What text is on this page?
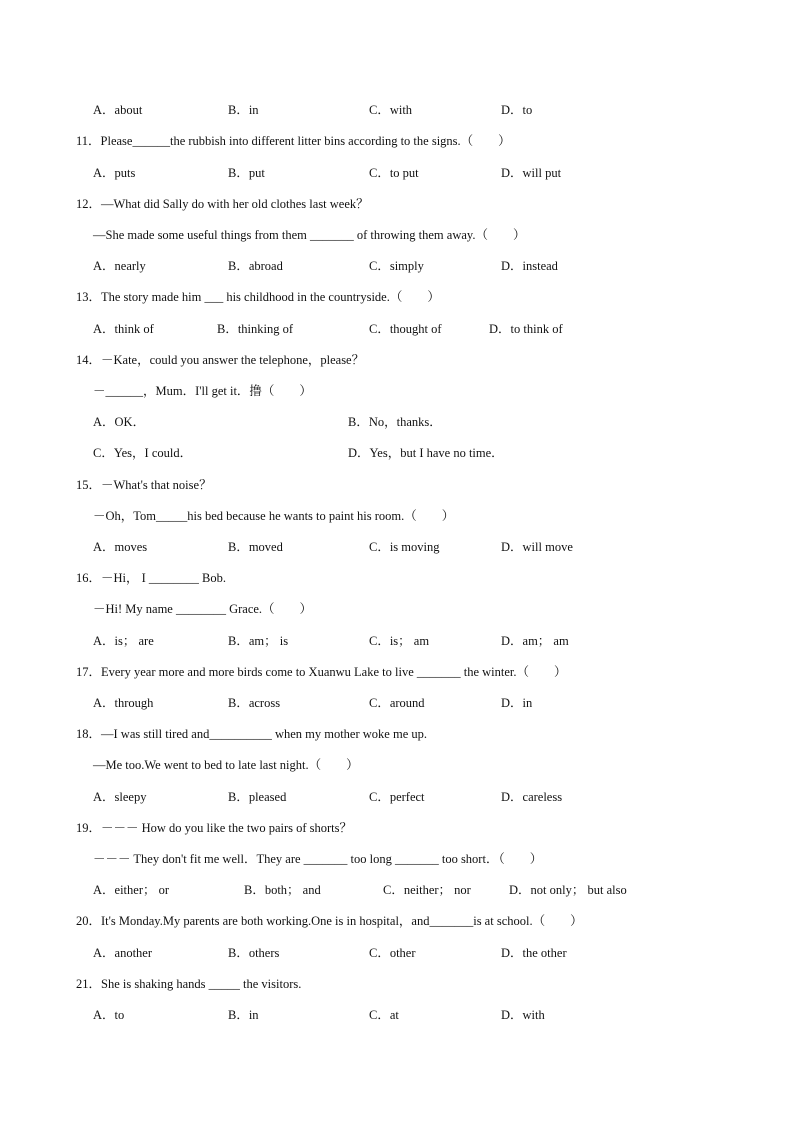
A．about	B．in	C．with	D．to
11．Please______the rubbish into different litter bins according to the signs.（　　）
A．puts	B．put	C．to put	D．will put
12．—What did Sally do with her old clothes last week？
—She made some useful things from them _______ of throwing them away.（　　）
A．nearly	B．abroad	C．simply	D．instead
13．The story made him ___ his childhood in the countryside.（　　）
A．think of	B．thinking of	C．thought of	D．to think of
14．－Kate，could you answer the telephone，please？
－______，Mum．I'll get it．撸（　　）
A．OK．	B．No，thanks．
C．Yes，I could．	D．Yes，but I have no time．
15．－What's that noise？
－Oh，Tom_____his bed because he wants to paint his room.（　　）
A．moves	B．moved	C．is moving	D．will move
16．－Hi， I ________ Bob.
－Hi! My name ________ Grace.（　　）
A．is； are	B．am； is	C．is； am	D．am； am
17．Every year more and more birds come to Xuanwu Lake to live _______ the winter.（　　）
A．through	B．across	C．around	D．in
18．—I was still tired and__________ when my mother woke me up.
—Me too.We went to bed to late last night.（　　）
A．sleepy	B．pleased	C．perfect	D．careless
19．－－－ How do you like the two pairs of shorts？
－－－ They don't fit me well．They are _______ too long _______ too short．（　　）
A．either； or	B．both； and	C．neither； nor	D．not only； but also
20．It's Monday.My parents are both working.One is in hospital，and_______is at school.（　　）
A．another	B．others	C．other	D．the other
21．She is shaking hands _____ the visitors.
A．to	B．in	C．at	D．with
